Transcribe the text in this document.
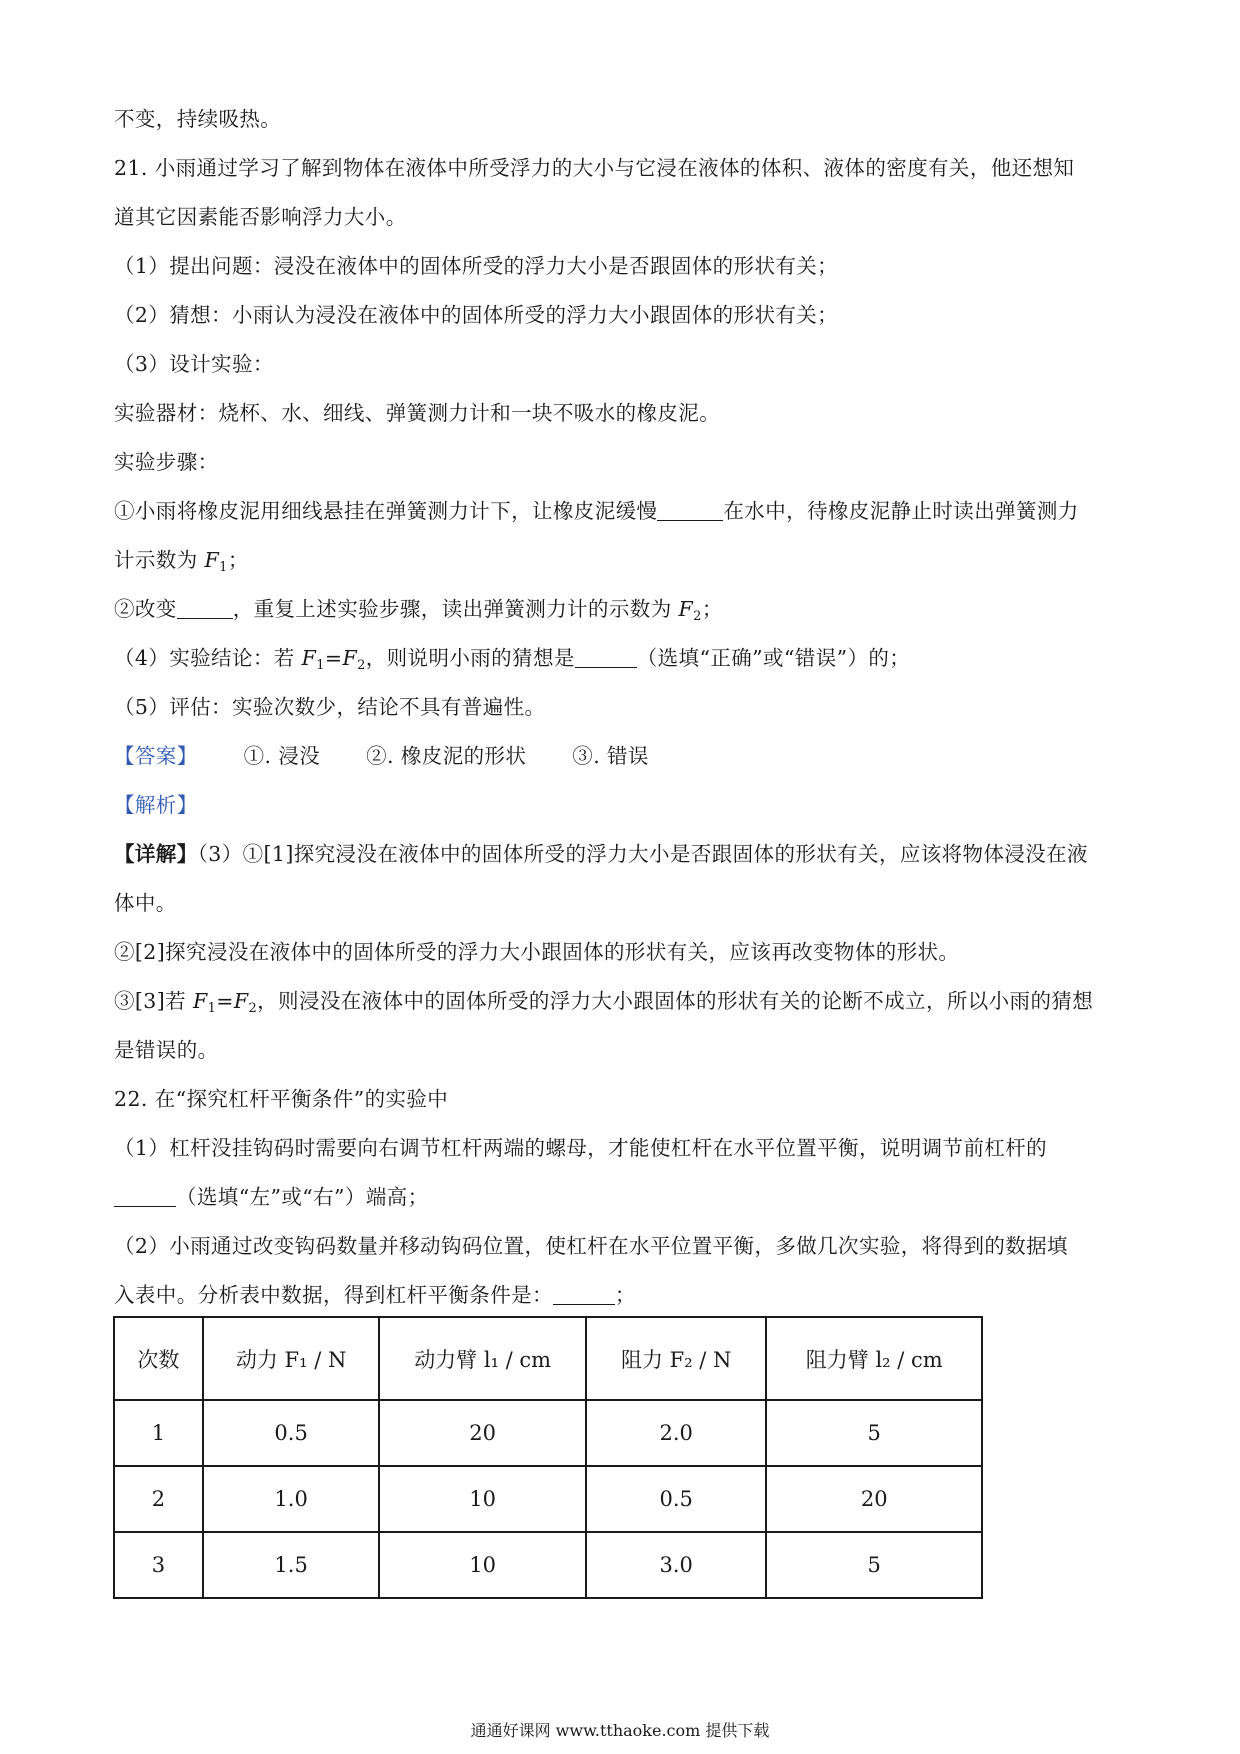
不变，持续吸热。
21. 小雨通过学习了解到物体在液体中所受浮力的大小与它浸在液体的体积、液体的密度有关，他还想知
道其它因素能否影响浮力大小。
（1）提出问题：浸没在液体中的固体所受的浮力大小是否跟固体的形状有关；
（2）猜想：小雨认为浸没在液体中的固体所受的浮力大小跟固体的形状有关；
（3）设计实验：
实验器材：烧杯、水、细线、弹簧测力计和一块不吸水的橡皮泥。
实验步骤：
①小雨将橡皮泥用细线悬挂在弹簧测力计下，让橡皮泥缓慢	在水中，待橡皮泥静止时读出弹簧测力
计示数为 $F_1$；
②改变	，重复上述实验步骤，读出弹簧测力计的示数为 $F_2$；
（4）实验结论：若 $F_1=F_2$，则说明小雨的猜想是	（选填“正确”或“错误”）的；
（5）评估：实验次数少，结论不具有普遍性。
【答案】 ①. 浸没 ②. 橡皮泥的形状 ③. 错误
【解析】
【详解】（3）①[1]探究浸没在液体中的固体所受的浮力大小是否跟固体的形状有关，应该将物体浸没在液
体中。
②[2]探究浸没在液体中的固体所受的浮力大小跟固体的形状有关，应该再改变物体的形状。
③[3]若 $F_1=F_2$，则浸没在液体中的固体所受的浮力大小跟固体的形状有关的论断不成立，所以小雨的猜想
是错误的。
22. 在“探究杠杆平衡条件”的实验中
（1）杠杆没挂钩码时需要向右调节杠杆两端的螺母，才能使杠杆在水平位置平衡，说明调节前杠杆的
（选填“左”或“右”）端高；
（2）小雨通过改变钩码数量并移动钩码位置，使杠杆在水平位置平衡，多做几次实验，将得到的数据填
入表中。分析表中数据，得到杠杆平衡条件是：	；
次数	动力 F₁ / N	动力臂 l₁ / cm	阻力 F₂ / N	阻力臂 l₂ / cm
1	0.5	20	2.0	5
2	1.0	10	0.5	20
3	1.5	10	3.0	5
通通好课网 www.tthaoke.com 提供下载
